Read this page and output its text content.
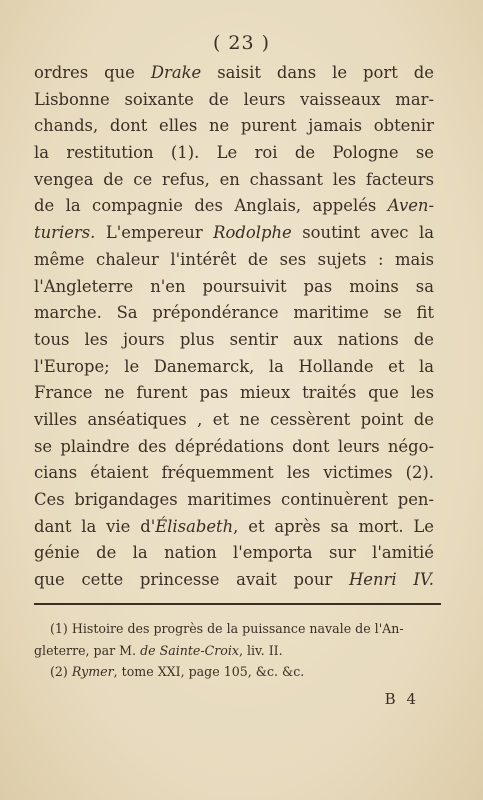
( 23 )
ordres que Drake saisit dans le port de
Lisbonne soixante de leurs vaisseaux mar-
chands, dont elles ne purent jamais obtenir
la restitution (1). Le roi de Pologne se
vengea de ce refus, en chassant les facteurs
de la compagnie des Anglais, appelés Aven-
turiers. L'empereur Rodolphe soutint avec la
même chaleur l'intérêt de ses sujets : mais
l'Angleterre n'en poursuivit pas moins sa
marche. Sa prépondérance maritime se fit
tous les jours plus sentir aux nations de
l'Europe; le Danemarck, la Hollande et la
France ne furent pas mieux traités que les
villes anséatiques , et ne cessèrent point de
se plaindre des déprédations dont leurs négo-
cians étaient fréquemment les victimes (2).
Ces brigandages maritimes continuèrent pen-
dant la vie d'Élisabeth, et après sa mort. Le
génie de la nation l'emporta sur l'amitié
que cette princesse avait pour Henri IV.
(1) Histoire des progrès de la puissance navale de l'An-
gleterre, par M. de Sainte-Croix, liv. II.
(2) Rymer, tome XXI, page 105, &c. &c.
B 4
